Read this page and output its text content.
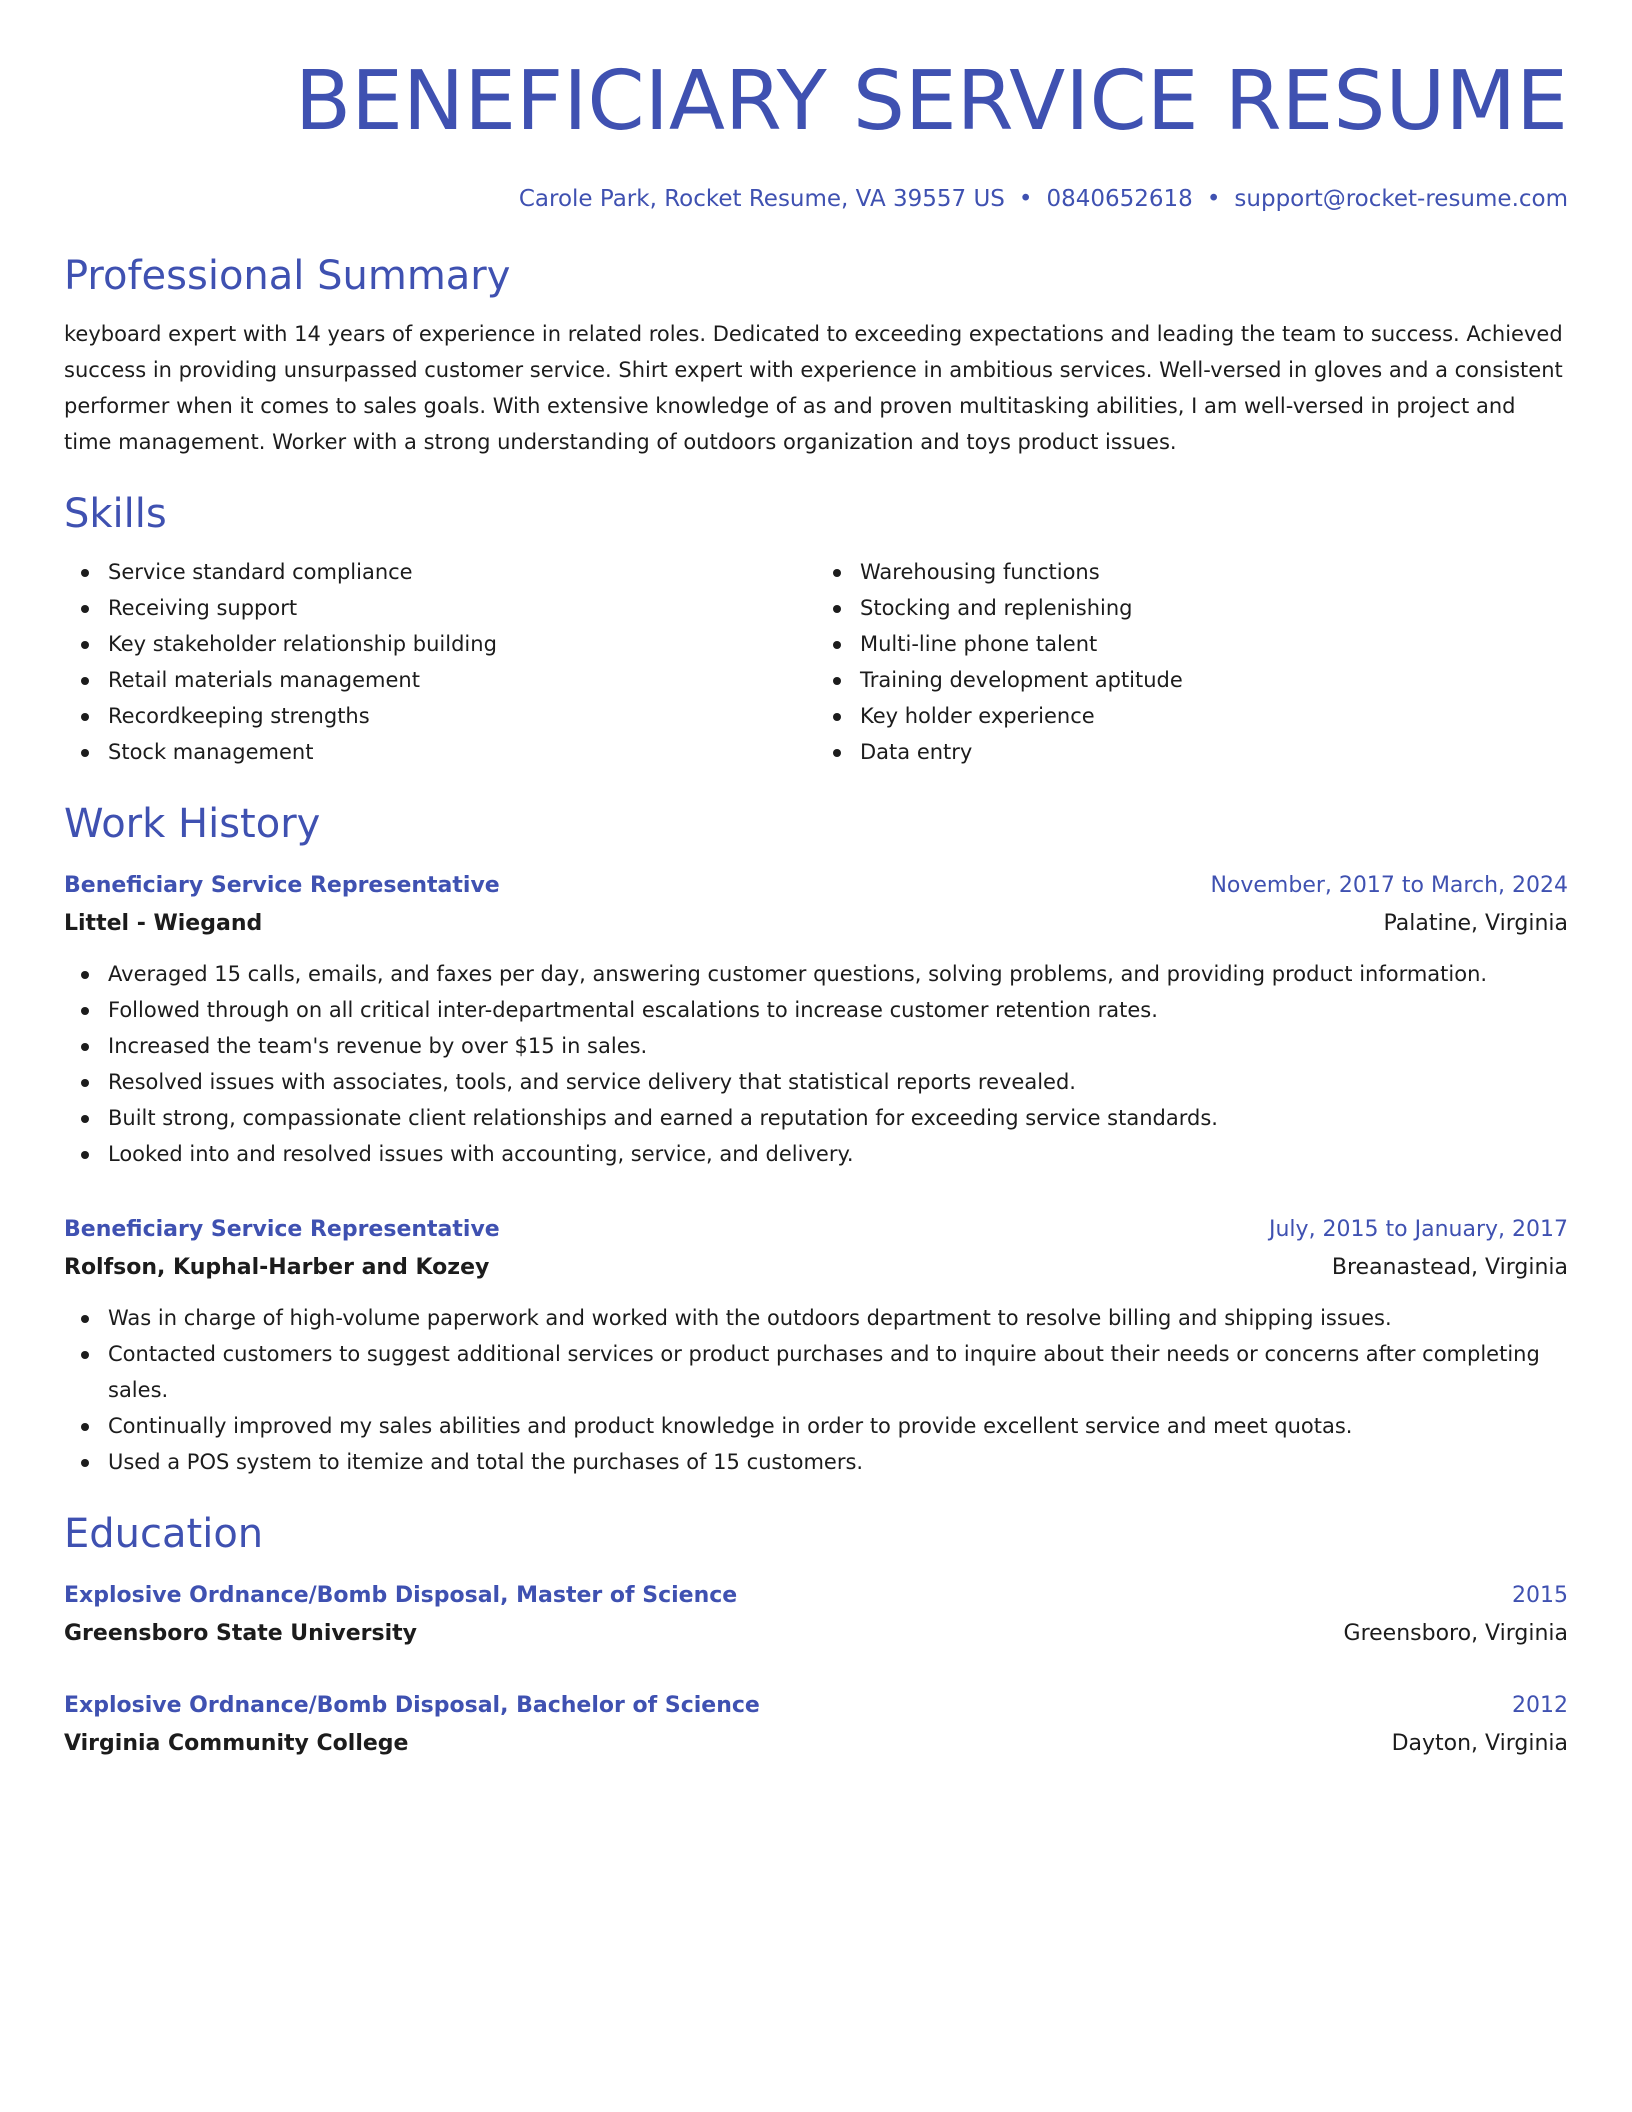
BENEFICIARY SERVICE RESUME
Carole Park, Rocket Resume, VA 39557 US • 0840652618 • support@rocket-resume.com
Professional Summary
keyboard expert with 14 years of experience in related roles. Dedicated to exceeding expectations and leading the team to success. Achieved success in providing unsurpassed customer service. Shirt expert with experience in ambitious services. Well-versed in gloves and a consistent performer when it comes to sales goals. With extensive knowledge of as and proven multitasking abilities, I am well-versed in project and time management. Worker with a strong understanding of outdoors organization and toys product issues.
Skills
Service standard compliance
Receiving support
Key stakeholder relationship building
Retail materials management
Recordkeeping strengths
Stock management
Warehousing functions
Stocking and replenishing
Multi-line phone talent
Training development aptitude
Key holder experience
Data entry
Work History
Beneficiary Service Representative	November, 2017 to March, 2024
Littel - Wiegand	Palatine, Virginia
Averaged 15 calls, emails, and faxes per day, answering customer questions, solving problems, and providing product information.
Followed through on all critical inter-departmental escalations to increase customer retention rates.
Increased the team's revenue by over $15 in sales.
Resolved issues with associates, tools, and service delivery that statistical reports revealed.
Built strong, compassionate client relationships and earned a reputation for exceeding service standards.
Looked into and resolved issues with accounting, service, and delivery.
Beneficiary Service Representative	July, 2015 to January, 2017
Rolfson, Kuphal-Harber and Kozey	Breanastead, Virginia
Was in charge of high-volume paperwork and worked with the outdoors department to resolve billing and shipping issues.
Contacted customers to suggest additional services or product purchases and to inquire about their needs or concerns after completing sales.
Continually improved my sales abilities and product knowledge in order to provide excellent service and meet quotas.
Used a POS system to itemize and total the purchases of 15 customers.
Education
Explosive Ordnance/Bomb Disposal, Master of Science	2015
Greensboro State University	Greensboro, Virginia
Explosive Ordnance/Bomb Disposal, Bachelor of Science	2012
Virginia Community College	Dayton, Virginia
